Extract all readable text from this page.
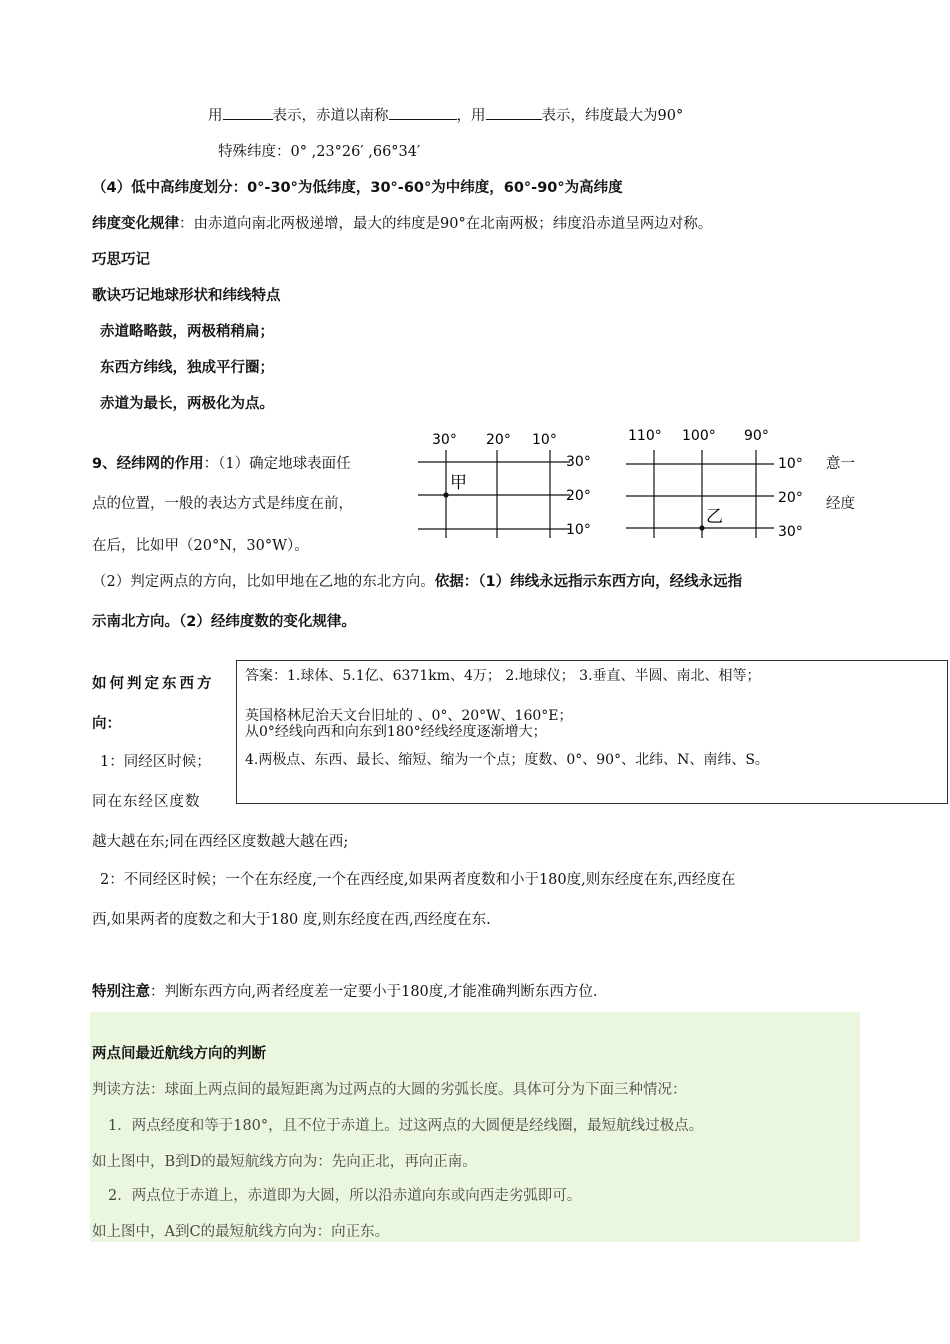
用	表示，赤道以南称	，用	表示，纬度最大为90°
特殊纬度：0° ,23°26′ ,66°34′
（4）低中高纬度划分：0°-30°为低纬度，30°-60°为中纬度，60°-90°为高纬度
纬度变化规律：由赤道向南北两极递增，最大的纬度是90°在北南两极；纬度沿赤道呈两边对称。
巧思巧记
歌诀巧记地球形状和纬线特点
赤道略略鼓，两极稍稍扁；
东西方纬线，独成平行圈；
赤道为最长，两极化为点。
9、经纬网的作用：（1）确定地球表面任
点的位置，一般的表达方式是纬度在前，
在后，比如甲（20°N，30°W）。
意一
经度
30° 20° 10°
30°
20°
10°
甲
110° 100° 90°
10°
20°
30°
乙
（2）判定两点的方向，比如甲地在乙地的东北方向。依据：（1）纬线永远指示东西方向，经线永远指
示南北方向。（2）经纬度数的变化规律。
如何判定东西方
向：
1：同经区时候；
同在东经区度数
答案：1.球体、5.1亿、6371km、4万； 2.地球仪； 3.垂直、半圆、南北、相等；
英国格林尼治天文台旧址的 、0°、20°W、160°E；
从0°经线向西和向东到180°经线经度逐渐增大；
4.两极点、东西、最长、缩短、缩为一个点；度数、0°、90°、北纬、N、南纬、S。
越大越在东;同在西经区度数越大越在西;
2：不同经区时候；一个在东经度,一个在西经度,如果两者度数和小于180度,则东经度在东,西经度在
西,如果两者的度数之和大于180 度,则东经度在西,西经度在东.
特别注意：判断东西方向,两者经度差一定要小于180度,才能准确判断东西方位.
两点间最近航线方向的判断
判读方法：球面上两点间的最短距离为过两点的大圆的劣弧长度。具体可分为下面三种情况：
1．两点经度和等于180°，且不位于赤道上。过这两点的大圆便是经线圈，最短航线过极点。
如上图中，B到D的最短航线方向为：先向正北，再向正南。
2．两点位于赤道上，赤道即为大圆，所以沿赤道向东或向西走劣弧即可。
如上图中，A到C的最短航线方向为：向正东。
